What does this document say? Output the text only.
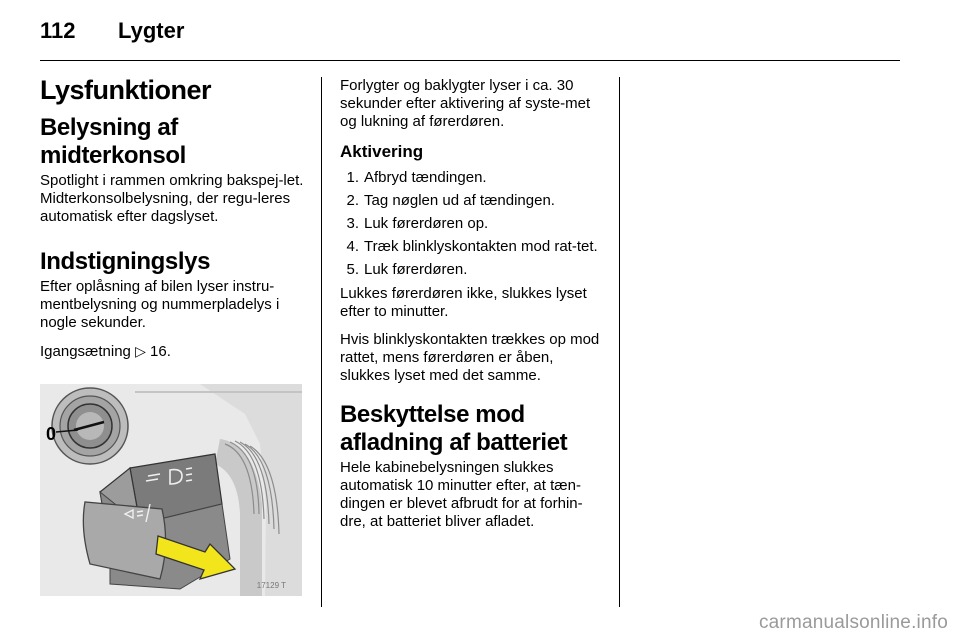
112 Lygter
Lysfunktioner
Belysning af midterkonsol

Spotlight i rammen omkring bakspej-let. Midterkonsolbelysning, der regu-leres automatisk efter dagslyset.

Indstigningslys

Efter oplåsning af bilen lyser instru-mentbelysning og nummerpladelys i nogle sekunder.

Igangsætning ▷ 16.

0
17129 T

Forlygter og baklygter lyser i ca. 30 sekunder efter aktivering af syste-met og lukning af førerdøren.

Aktivering
1. Afbryd tændingen.
2. Tag nøglen ud af tændingen.
3. Luk førerdøren op.
4. Træk blinklyskontakten mod rat-tet.
5. Luk førerdøren.

Lukkes førerdøren ikke, slukkes lyset efter to minutter.

Hvis blinklyskontakten trækkes op mod rattet, mens førerdøren er åben, slukkes lyset med det samme.

Beskyttelse mod afladning af batteriet

Hele kabinebelysningen slukkes automatisk 10 minutter efter, at tæn-dingen er blevet afbrudt for at forhin-dre, at batteriet bliver afladet.

carmanualsonline.info
